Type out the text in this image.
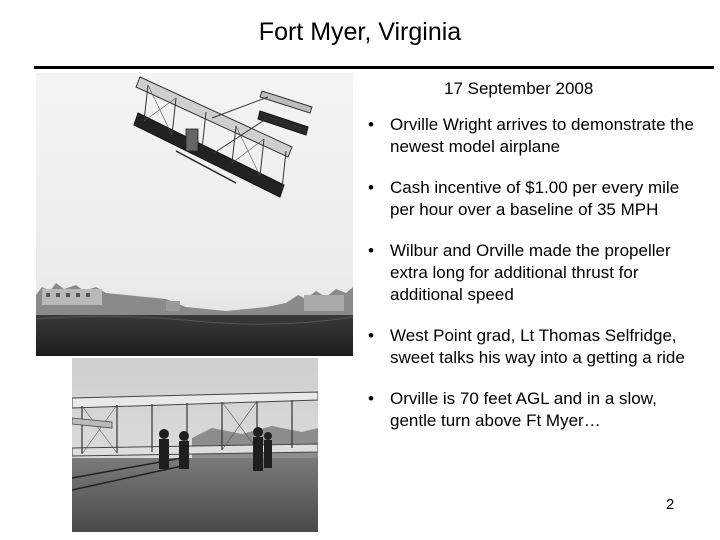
Fort Myer, Virginia
17 September 2008
• Orville Wright arrives to demonstrate the newest model airplane
• Cash incentive of $1.00 per every mile per hour over a baseline of 35 MPH
• Wilbur and Orville made the propeller extra long for additional thrust for additional speed
• West Point grad, Lt Thomas Selfridge, sweet talks his way into a getting a ride
• Orville is 70 feet AGL and in a slow, gentle turn above Ft Myer…
2
